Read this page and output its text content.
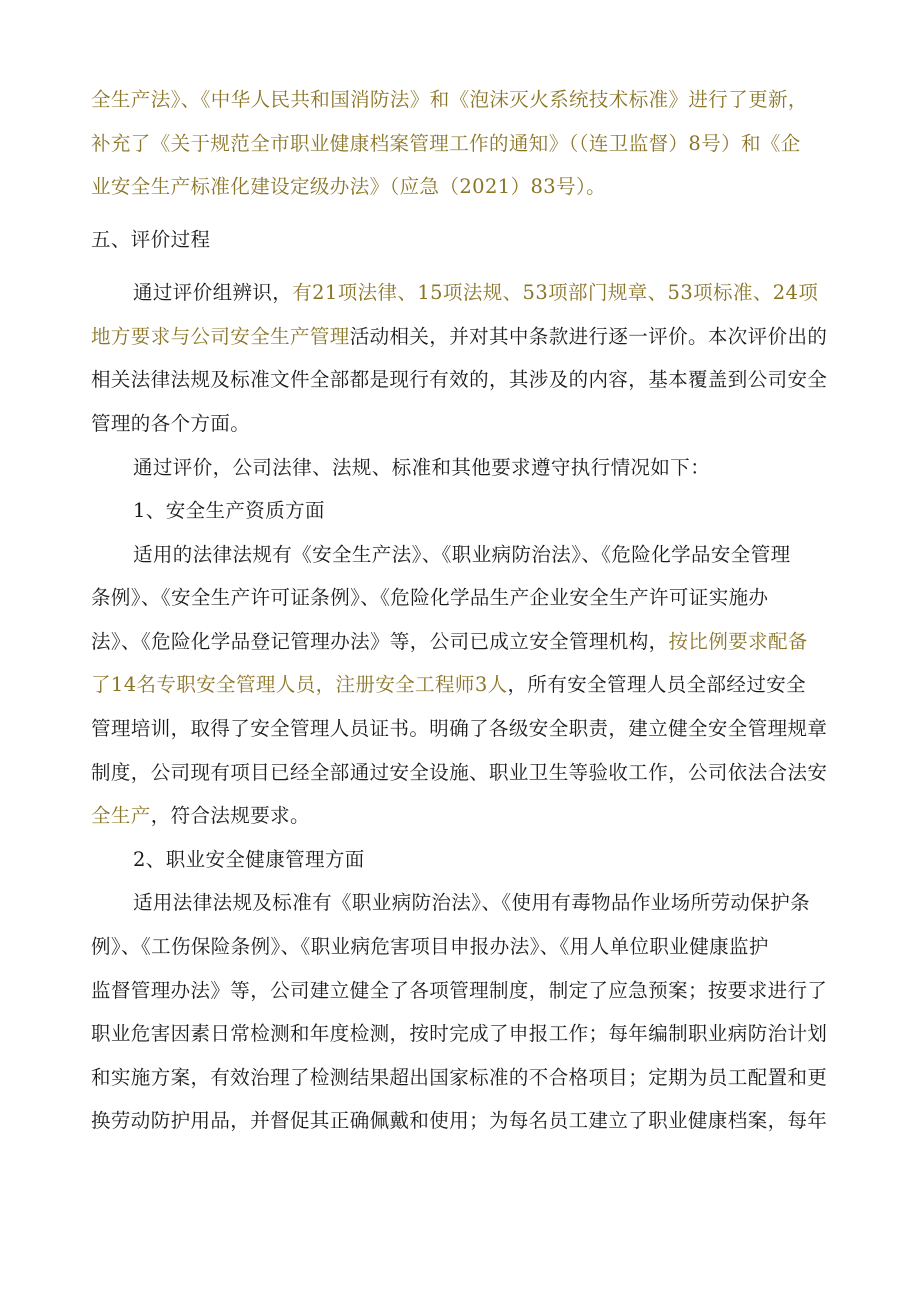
全生产法》、《中华人民共和国消防法》和《泡沫灭火系统技术标准》进行了更新，
补充了《关于规范全市职业健康档案管理工作的通知》（（连卫监督）8号）和《企
业安全生产标准化建设定级办法》（应急（2021）83号）。
五、评价过程
通过评价组辨识，有21项法律、15项法规、53项部门规章、53项标准、24项
地方要求与公司安全生产管理活动相关，并对其中条款进行逐一评价。本次评价出的
相关法律法规及标准文件全部都是现行有效的，其涉及的内容，基本覆盖到公司安全
管理的各个方面。
通过评价，公司法律、法规、标准和其他要求遵守执行情况如下：
1、安全生产资质方面
适用的法律法规有《安全生产法》、《职业病防治法》、《危险化学品安全管理
条例》、《安全生产许可证条例》、《危险化学品生产企业安全生产许可证实施办
法》、《危险化学品登记管理办法》等，公司已成立安全管理机构，按比例要求配备
了14名专职安全管理人员，注册安全工程师3人，所有安全管理人员全部经过安全
管理培训，取得了安全管理人员证书。明确了各级安全职责，建立健全安全管理规章
制度，公司现有项目已经全部通过安全设施、职业卫生等验收工作，公司依法合法安
全生产，符合法规要求。
2、职业安全健康管理方面
适用法律法规及标准有《职业病防治法》、《使用有毒物品作业场所劳动保护条
例》、《工伤保险条例》、《职业病危害项目申报办法》、《用人单位职业健康监护
监督管理办法》等，公司建立健全了各项管理制度，制定了应急预案；按要求进行了
职业危害因素日常检测和年度检测，按时完成了申报工作；每年编制职业病防治计划
和实施方案，有效治理了检测结果超出国家标准的不合格项目；定期为员工配置和更
换劳动防护用品，并督促其正确佩戴和使用；为每名员工建立了职业健康档案，每年
